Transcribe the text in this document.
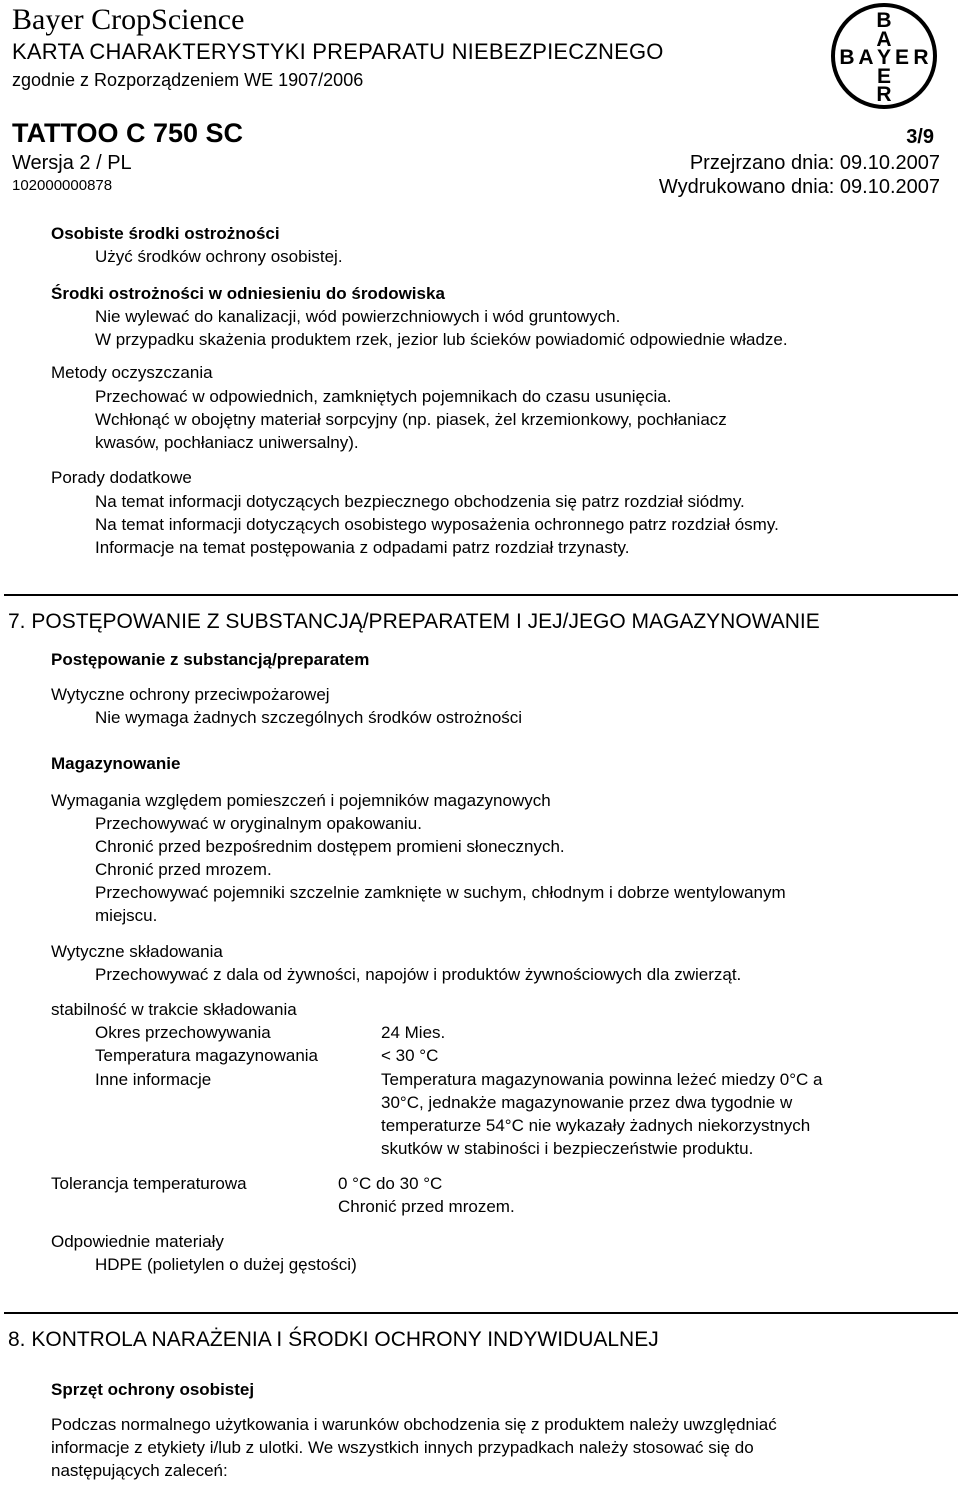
Bayer CropScience
KARTA CHARAKTERYSTYKI PREPARATU NIEBEZPIECZNEGO
zgodnie z Rozporządzeniem WE 1907/2006
B
A
B A Y E R
E
R
TATTOO C 750 SC	3/9
Wersja 2 / PL	Przejrzano dnia: 09.10.2007
102000000878	Wydrukowano dnia: 09.10.2007
Osobiste środki ostrożności
Użyć środków ochrony osobistej.
Środki ostrożności w odniesieniu do środowiska
Nie wylewać do kanalizacji, wód powierzchniowych i wód gruntowych.
W przypadku skażenia produktem rzek, jezior lub ścieków powiadomić odpowiednie władze.
Metody oczyszczania
Przechować w odpowiednich, zamkniętych pojemnikach do czasu usunięcia.
Wchłonąć w obojętny materiał sorpcyjny (np. piasek, żel krzemionkowy, pochłaniacz
kwasów, pochłaniacz uniwersalny).
Porady dodatkowe
Na temat informacji dotyczących bezpiecznego obchodzenia się patrz rozdział siódmy.
Na temat informacji dotyczących osobistego wyposażenia ochronnego patrz rozdział ósmy.
Informacje na temat postępowania z odpadami patrz rozdział trzynasty.
7. POSTĘPOWANIE Z SUBSTANCJĄ/PREPARATEM I JEJ/JEGO MAGAZYNOWANIE
Postępowanie z substancją/preparatem
Wytyczne ochrony przeciwpożarowej
Nie wymaga żadnych szczególnych środków ostrożności
Magazynowanie
Wymagania względem pomieszczeń i pojemników magazynowych
Przechowywać w oryginalnym opakowaniu.
Chronić przed bezpośrednim dostępem promieni słonecznych.
Chronić przed mrozem.
Przechowywać pojemniki szczelnie zamknięte w suchym, chłodnym i dobrze wentylowanym
miejscu.
Wytyczne składowania
Przechowywać z dala od żywności, napojów i produktów żywnościowych dla zwierząt.
stabilność w trakcie składowania
Okres przechowywania	24 Mies.
Temperatura magazynowania	< 30 °C
Inne informacje	Temperatura magazynowania powinna leżeć miedzy 0°C a
30°C, jednakże magazynowanie przez dwa tygodnie w
temperaturze 54°C nie wykazały żadnych niekorzystnych
skutków w stabiności i bezpieczeństwie produktu.
Tolerancja temperaturowa	0 °C do 30 °C
Chronić przed mrozem.
Odpowiednie materiały
HDPE (polietylen o dużej gęstości)
8. KONTROLA NARAŻENIA I ŚRODKI OCHRONY INDYWIDUALNEJ
Sprzęt ochrony osobistej
Podczas normalnego użytkowania i warunków obchodzenia się z produktem należy uwzględniać
informacje z etykiety i/lub z ulotki. We wszystkich innych przypadkach należy stosować się do
następujących zaleceń:
